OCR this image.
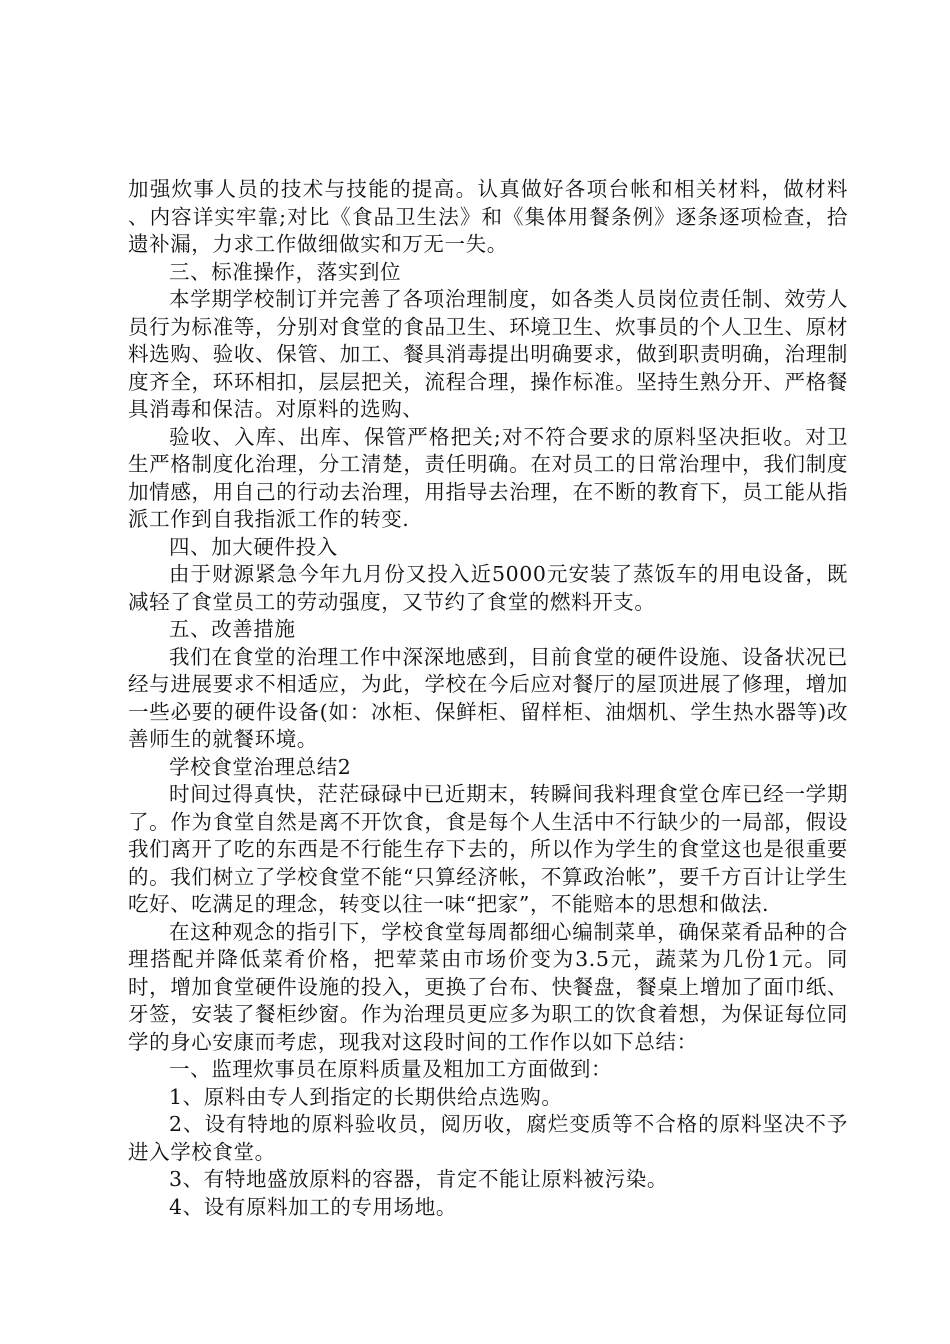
加强炊事人员的技术与技能的提高。认真做好各项台帐和相关材料，做材料 、内容详实牢靠;对比《食品卫生法》和《集体用餐条例》逐条逐项检查，拾遗补漏，力求工作做细做实和万无一失。

三、标准操作，落实到位

本学期学校制订并完善了各项治理制度，如各类人员岗位责任制、效劳人员行为标准等，分别对食堂的食品卫生、环境卫生、炊事员的个人卫生、原材料选购、验收、保管、加工、餐具消毒提出明确要求，做到职责明确，治理制度齐全，环环相扣，层层把关，流程合理，操作标准。坚持生熟分开、严格餐具消毒和保洁。对原料的选购、

验收、入库、出库、保管严格把关;对不符合要求的原料坚决拒收。对卫生严格制度化治理，分工清楚，责任明确。在对员工的日常治理中，我们制度加情感，用自己的行动去治理，用指导去治理，在不断的教育下，员工能从指派工作到自我指派工作的转变.

四、加大硬件投入

由于财源紧急今年九月份又投入近5000元安装了蒸饭车的用电设备，既减轻了食堂员工的劳动强度，又节约了食堂的燃料开支。

五、改善措施

我们在食堂的治理工作中深深地感到，目前食堂的硬件设施、设备状况已经与进展要求不相适应，为此，学校在今后应对餐厅的屋顶进展了修理，增加一些必要的硬件设备(如：冰柜、保鲜柜、留样柜、油烟机、学生热水器等)改善师生的就餐环境。

学校食堂治理总结2

时间过得真快，茫茫碌碌中已近期末，转瞬间我料理食堂仓库已经一学期了。作为食堂自然是离不开饮食，食是每个人生活中不行缺少的一局部，假设我们离开了吃的东西是不行能生存下去的，所以作为学生的食堂这也是很重要的。我们树立了学校食堂不能“只算经济帐，不算政治帐”，要千方百计让学生吃好、吃满足的理念，转变以往一味“把家”，不能赔本的思想和做法.

在这种观念的指引下，学校食堂每周都细心编制菜单，确保菜肴品种的合理搭配并降低菜肴价格，把荤菜由市场价变为3.5元，蔬菜为几份1元。同时，增加食堂硬件设施的投入，更换了台布、快餐盘，餐桌上增加了面巾纸、牙签，安装了餐柜纱窗。作为治理员更应多为职工的饮食着想，为保证每位同学的身心安康而考虑，现我对这段时间的工作作以如下总结：

一、监理炊事员在原料质量及粗加工方面做到：

1、原料由专人到指定的长期供给点选购。

2、设有特地的原料验收员，阅历收，腐烂变质等不合格的原料坚决不予进入学校食堂。

3、有特地盛放原料的容器，肯定不能让原料被污染。

4、设有原料加工的专用场地。
